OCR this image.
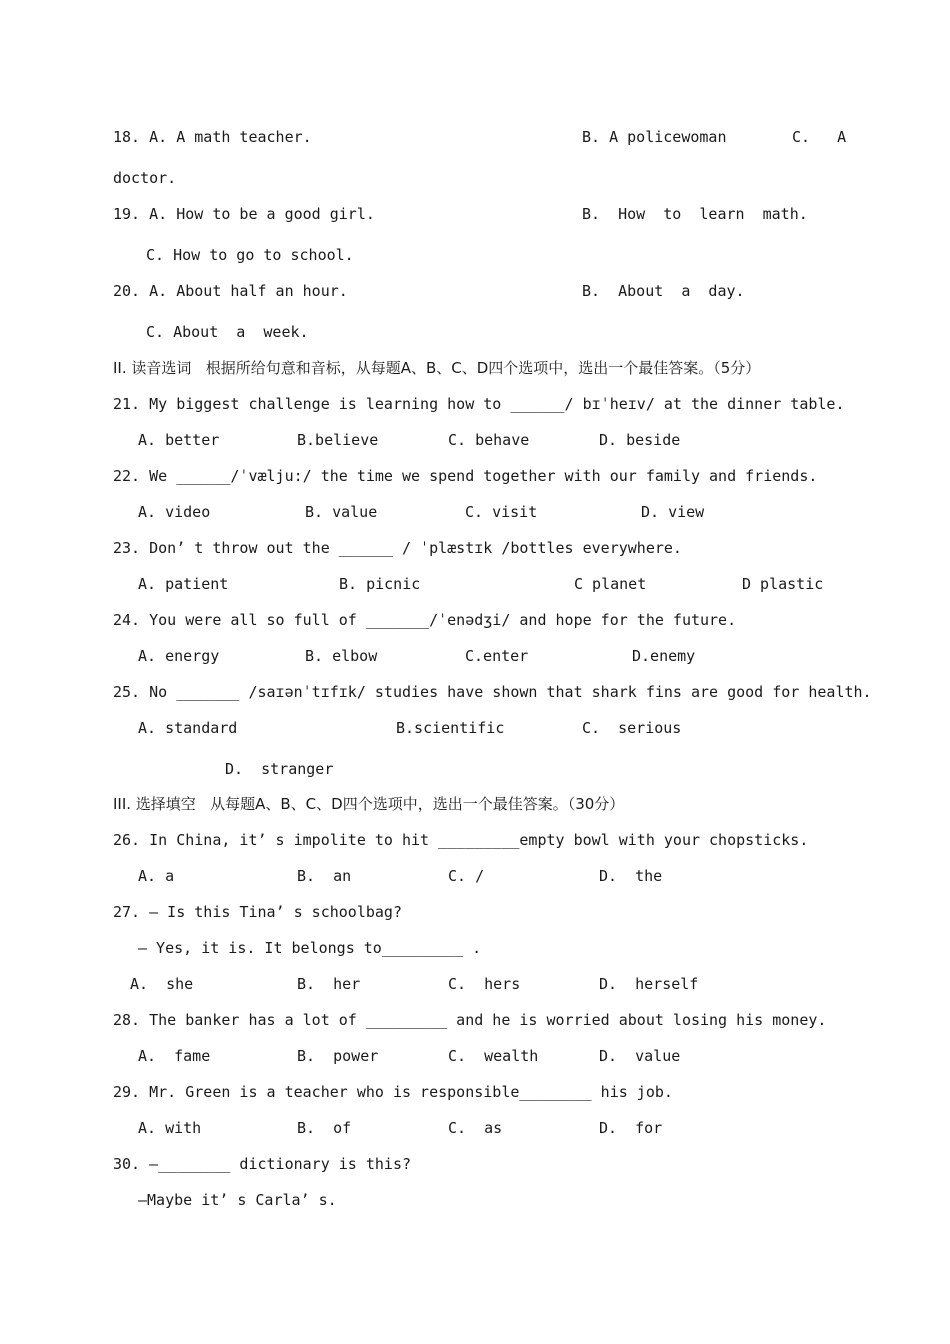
18. A. A math teacher.	B. A policewoman	C.   A
doctor.
19. A. How to be a good girl.	B.  How  to  learn  math.
C. How to go to school.
20. A. About half an hour.	B.  About  a  day.
C. About  a  week.
II. 读音选词   根据所给句意和音标，从每题A、B、C、D四个选项中，选出一个最佳答案。（5分）
21. My biggest challenge is learning how to ______/ bɪˈheɪv/ at the dinner table.
A. better	B.believe	C. behave	D. beside
22. We ______/ˈvælju:/ the time we spend together with our family and friends.
A. video	B. value	C. visit	D. view
23. Don’ t throw out the ______ / ˈplæstɪk /bottles everywhere.
A. patient	B. picnic	C planet	D plastic
24. You were all so full of _______/ˈenədʒi/ and hope for the future.
A. energy	B. elbow	C.enter	D.enemy
25. No _______ /saɪənˈtɪfɪk/ studies have shown that shark fins are good for health.
A. standard	B.scientific	C.  serious
D.  stranger
III. 选择填空   从每题A、B、C、D四个选项中，选出一个最佳答案。（30分）
26. In China, it’ s impolite to hit _________empty bowl with your chopsticks.
A. a	B.  an	C. /	D.  the
27. — Is this Tina’ s schoolbag?
— Yes, it is. It belongs to_________ .
A.  she	B.  her	C.  hers	D.  herself
28. The banker has a lot of _________ and he is worried about losing his money.
A.  fame	B.  power	C.  wealth	D.  value
29. Mr. Green is a teacher who is responsible________ his job.
A. with	B.  of	C.  as	D.  for
30. —________ dictionary is this?
—Maybe it’ s Carla’ s.
